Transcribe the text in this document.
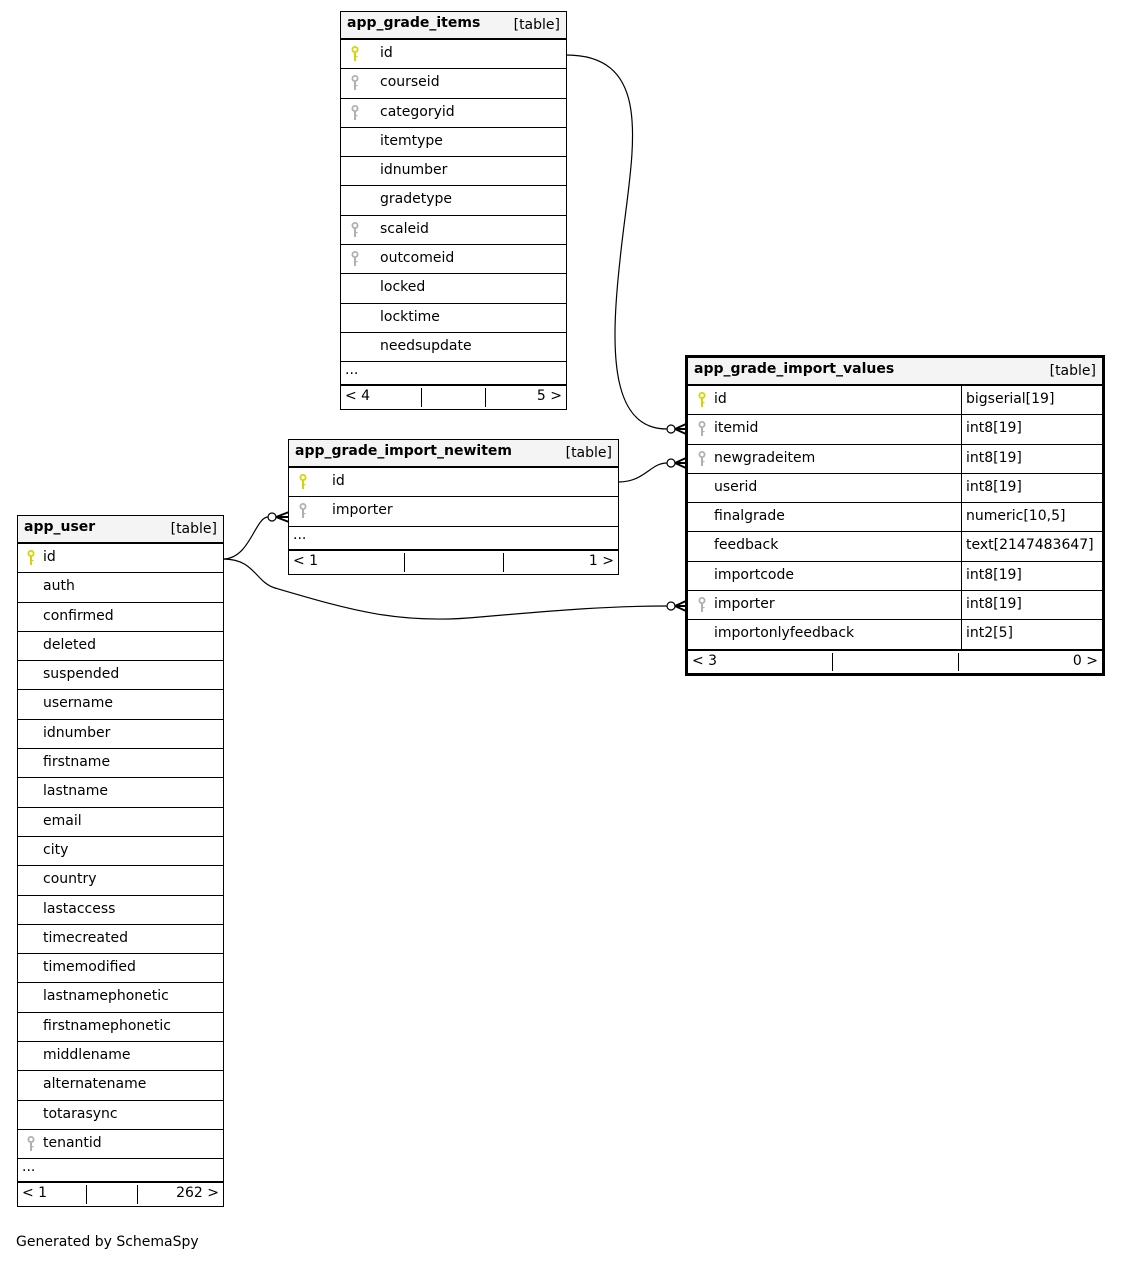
app_grade_items [table]
id
courseid
categoryid
itemtype
idnumber
gradetype
scaleid
outcomeid
locked
locktime
needsupdate
...
< 4	5 >
app_grade_import_values	[table]
id	bigserial[19]
itemid	int8[19]
newgradeitem	int8[19]
userid	int8[19]
finalgrade	numeric[10,5]
feedback	text[2147483647]
importcode	int8[19]
importer	int8[19]
importonlyfeedback	int2[5]
< 3	0 >
app_grade_import_newitem	[table]
id
importer
...
< 1	1 >
app_user	[table]
id
auth
confirmed
deleted
suspended
username
idnumber
firstname
lastname
email
city
country
lastaccess
timecreated
timemodified
lastnamephonetic
firstnamephonetic
middlename
alternatename
totarasync
tenantid
...
< 1	262 >
Generated by SchemaSpy
